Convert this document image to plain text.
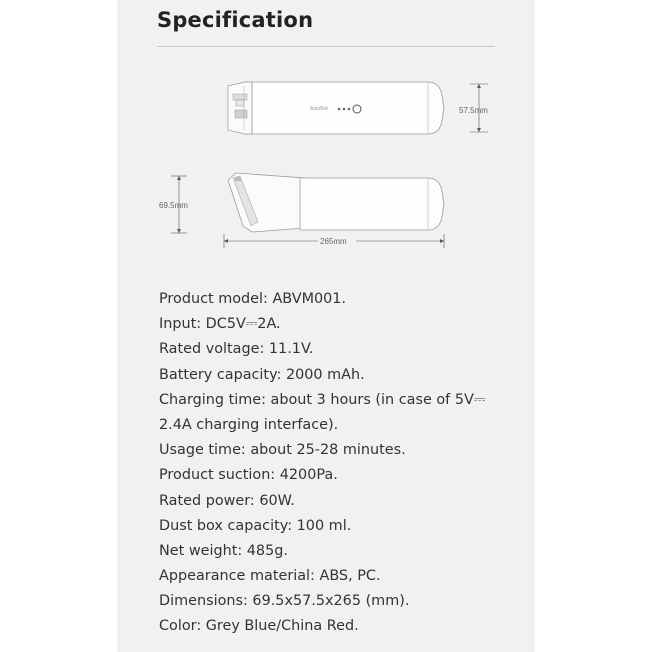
Specification
AutoBot	57.5mm
69.5mm
265mm
Product model: ABVM001.
Input: DC5V⎓2A.
Rated voltage: 11.1V.
Battery capacity: 2000 mAh.
Charging time: about 3 hours (in case of 5V⎓
2.4A charging interface).
Usage time: about 25-28 minutes.
Product suction: 4200Pa.
Rated power: 60W.
Dust box capacity: 100 ml.
Net weight: 485g.
Appearance material: ABS, PC.
Dimensions: 69.5x57.5x265 (mm).
Color: Grey Blue/China Red.
